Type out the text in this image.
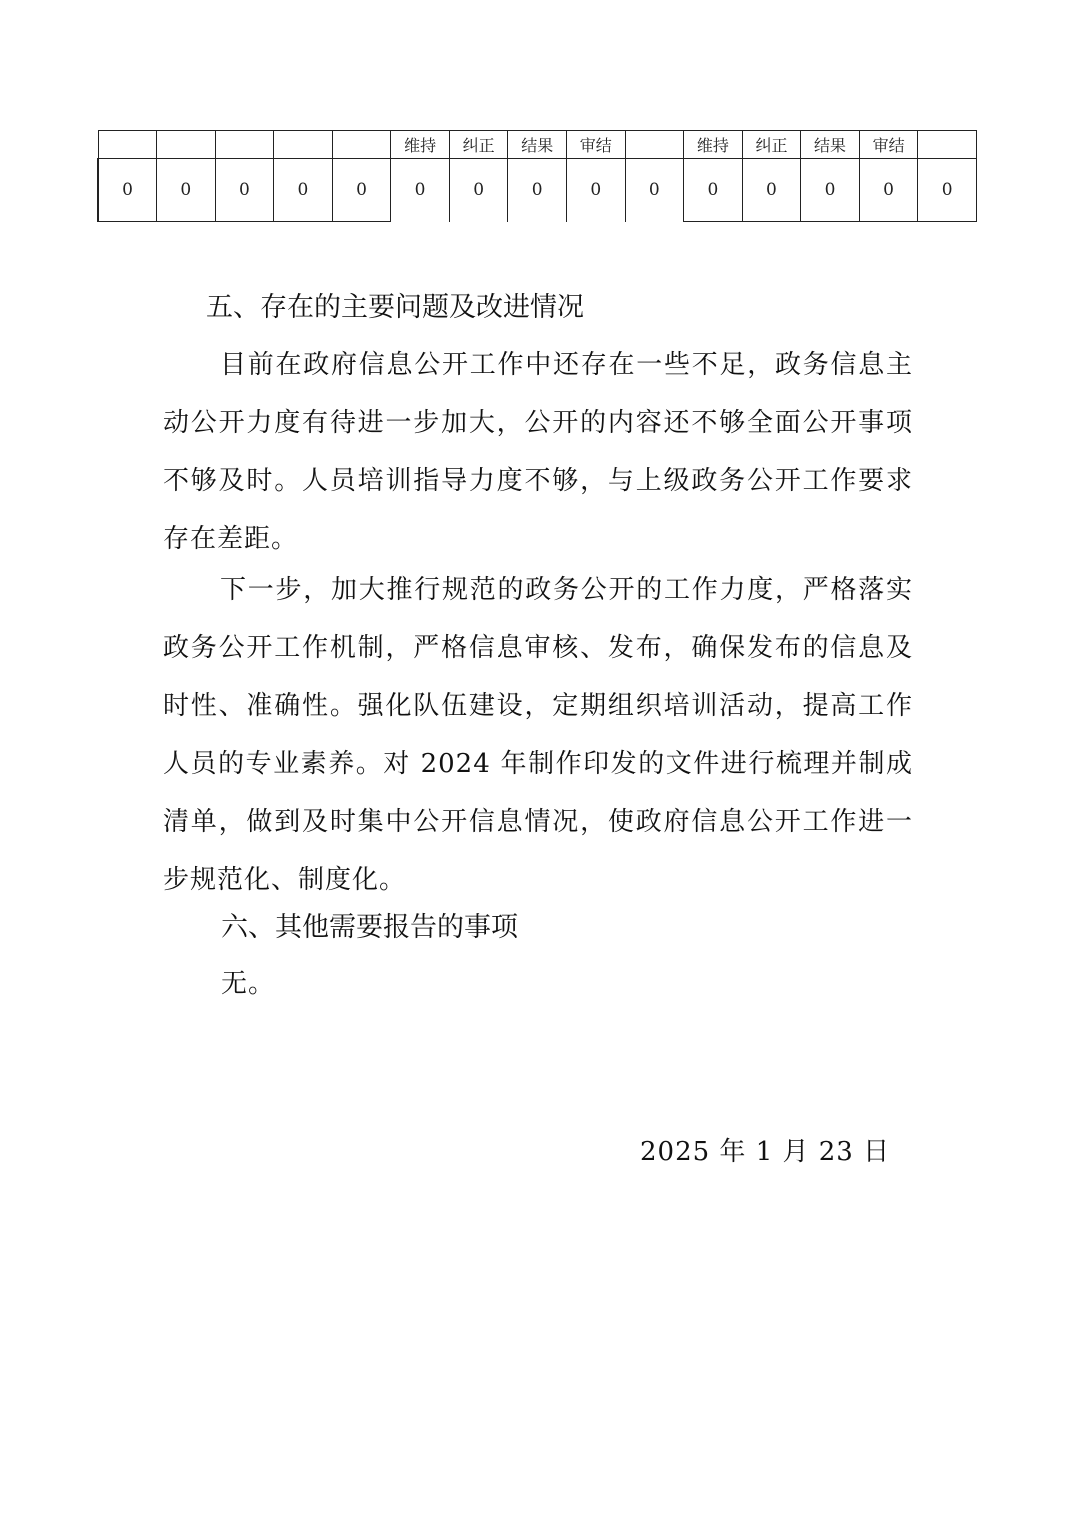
					维持	纠正	结果	审结		维持	纠正	结果	审结	
0	0	0	0	0	0	0	0	0	0	0	0	0	0	0
五、存在的主要问题及改进情况

目前在政府信息公开工作中还存在一些不足，政务信息主动公开力度有待进一步加大，公开的内容还不够全面公开事项不够及时。人员培训指导力度不够，与上级政务公开工作要求存在差距。

下一步，加大推行规范的政务公开的工作力度，严格落实政务公开工作机制，严格信息审核、发布，确保发布的信息及时性、准确性。强化队伍建设，定期组织培训活动，提高工作人员的专业素养。对 2024 年制作印发的文件进行梳理并制成清单，做到及时集中公开信息情况，使政府信息公开工作进一步规范化、制度化。

六、其他需要报告的事项

无。

2025 年 1 月 23 日
